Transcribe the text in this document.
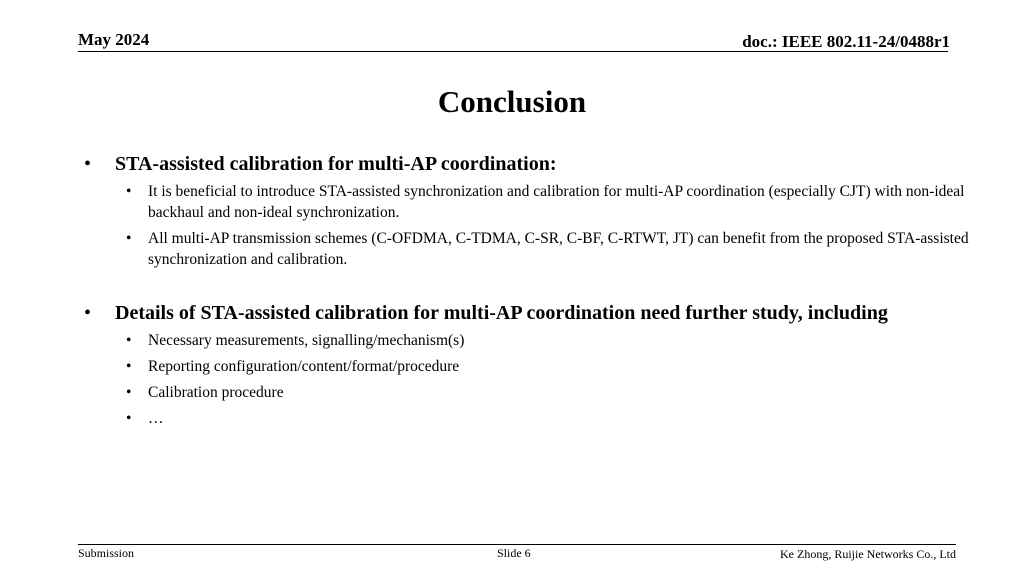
May 2024	doc.: IEEE 802.11-24/0488r1
Conclusion
• STA-assisted calibration for multi-AP coordination:
• It is beneficial to introduce STA-assisted synchronization and calibration for multi-AP coordination (especially CJT) with non-ideal backhaul and non-ideal synchronization.
• All multi-AP transmission schemes (C-OFDMA, C-TDMA, C-SR, C-BF, C-RTWT, JT) can benefit from the proposed STA-assisted synchronization and calibration.
• Details of STA-assisted calibration for multi-AP coordination need further study, including
• Necessary measurements, signalling/mechanism(s)
• Reporting configuration/content/format/procedure
• Calibration procedure
• …
Submission	Slide 6	Ke Zhong, Ruijie Networks Co., Ltd
